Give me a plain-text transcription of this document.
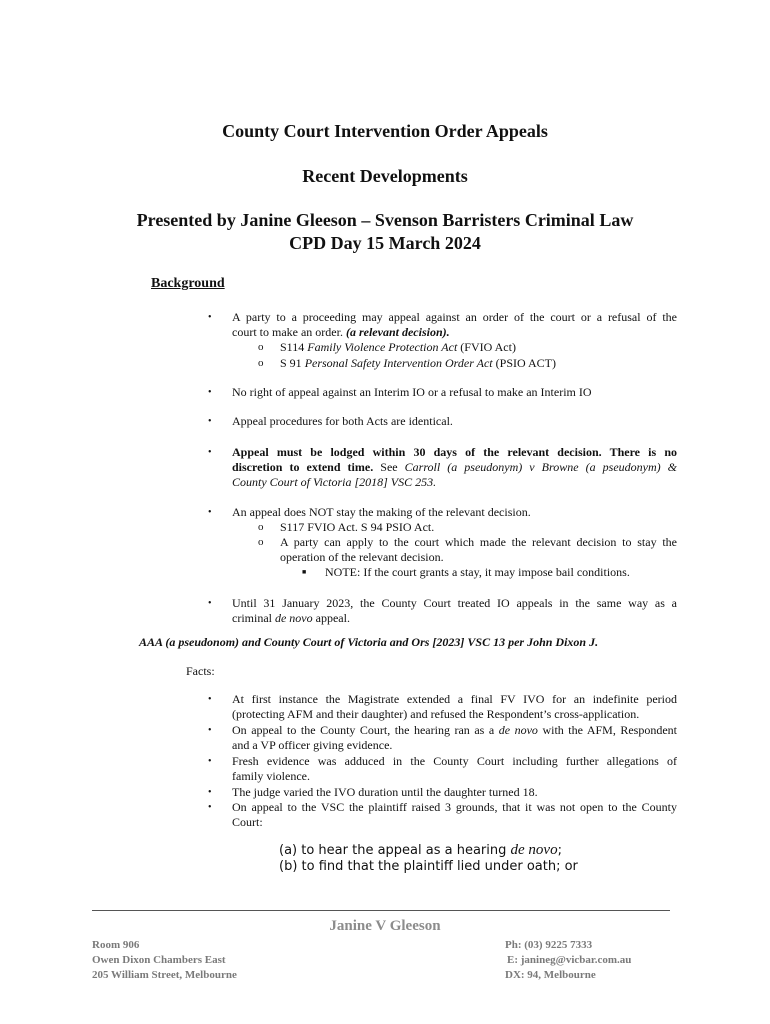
County Court Intervention Order Appeals
Recent Developments
Presented by Janine Gleeson – Svenson Barristers Criminal Law
CPD Day 15 March 2024
Background
• A party to a proceeding may appeal against an order of the court or a refusal of the
court to make an order. (a relevant decision).
o S114 Family Violence Protection Act (FVIO Act)
o S 91 Personal Safety Intervention Order Act (PSIO ACT)
• No right of appeal against an Interim IO or a refusal to make an Interim IO
• Appeal procedures for both Acts are identical.
• Appeal must be lodged within 30 days of the relevant decision. There is no
discretion to extend time. See Carroll (a pseudonym) v Browne (a pseudonym) &
County Court of Victoria [2018] VSC 253.
• An appeal does NOT stay the making of the relevant decision.
o S117 FVIO Act. S 94 PSIO Act.
o A party can apply to the court which made the relevant decision to stay the
operation of the relevant decision.
■ NOTE: If the court grants a stay, it may impose bail conditions.
• Until 31 January 2023, the County Court treated IO appeals in the same way as a
criminal de novo appeal.
AAA (a pseudonom) and County Court of Victoria and Ors [2023] VSC 13 per John Dixon J.
Facts:
• At first instance the Magistrate extended a final FV IVO for an indefinite period
(protecting AFM and their daughter) and refused the Respondent’s cross-application.
• On appeal to the County Court, the hearing ran as a de novo with the AFM, Respondent
and a VP officer giving evidence.
• Fresh evidence was adduced in the County Court including further allegations of
family violence.
• The judge varied the IVO duration until the daughter turned 18.
• On appeal to the VSC the plaintiff raised 3 grounds, that it was not open to the County
Court:
(a) to hear the appeal as a hearing de novo;
(b) to find that the plaintiff lied under oath; or
Janine V Gleeson
Room 906
Owen Dixon Chambers East
205 William Street, Melbourne
Ph: (03) 9225 7333
E: janineg@vicbar.com.au
DX: 94, Melbourne
